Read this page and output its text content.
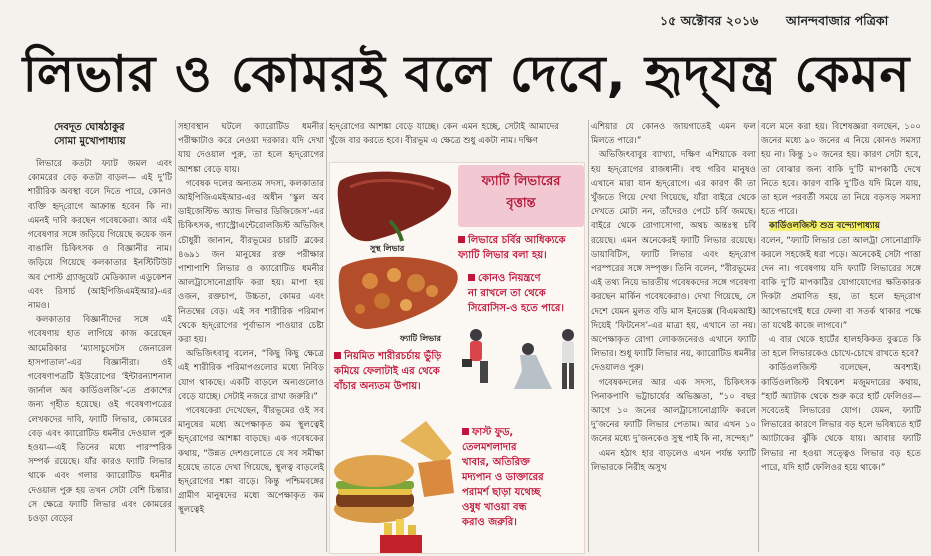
১৫ অক্টোবর ২০১৬ আনন্দবাজার পত্রিকা
লিভার ও কোমরই বলে দেবে, হৃদ্‌যন্ত্র কেমন
দেবদূত ঘোষঠাকুর
সোমা মুখোপাধ্যায়

লিভারে কতটা ফ্যাট জমল এবং কোমরের বেড় কতটা বাড়ল— এই দু’টি শারীরিক অবস্থা বলে দিতে পারে, কোনও ব্যক্তি হৃদ্‌রোগে আক্রান্ত হবেন কি না। এমনই দাবি করছেন গবেষকেরা। আর এই গবেষণার সঙ্গে জড়িয়ে গিয়েছে কয়েক জন বাঙালি চিকিৎসক ও বিজ্ঞানীর নাম। জড়িয়ে গিয়েছে কলকাতার ইনস্টিটিউট অব পোস্ট গ্র্যাজুয়েট মেডিক্যাল এডুকেশন এবং রিসার্চ (আইপিজিএমইআর)-এর নামও।

কলকাতার বিজ্ঞানীদের সঙ্গে এই গবেষণায় হাত লাগিয়ে কাজ করেছেন আমেরিকার ‘ম্যাসাচুসেটস জেনারেল হাসপাতাল’-এর বিজ্ঞানীরা। ওই গবেষণাপত্রটি ইউরোপের ‘ইন্টারন্যাশনাল জার্নাল অব কার্ডিওলজি’-তে প্রকাশের জন্য গৃহীত হয়েছে। ওই গবেষণাপত্রের লেখকদের দাবি, ফ্যাটি লিভার, কোমরের বেড় এবং ক্যারোটিড ধমনীর দেওয়াল পুরু হওয়া—এই তিনের মধ্যে পারস্পরিক সম্পর্ক রয়েছে। যাঁর কারও ফ্যাটি লিভার থাকে এবং গলার ক্যারোটিড ধমনীর দেওয়াল পুরু হয় তখন সেটা বেশি চিন্তার। সে ক্ষেত্রে ফ্যাটি লিভার এবং কোমরের চওড়া বেড়ের

সহাবস্থান ঘটলে ক্যারোটিড ধমনীর পরীক্ষাটাও করে নেওয়া দরকার। যদি দেখা যায় দেওয়াল পুরু, তা হলে হৃদ্‌রোগের আশঙ্কা বেড়ে যায়।

গবেষক দলের অন্যতম সদস্য, কলকাতার আইপিজিএমইআর-এর অধীন ‘স্কুল অব ডাইজেস্টিভ অ্যান্ড লিভার ডিজিজেস’-এর চিকিৎসক, গ্যাস্ট্রোএন্টেরোলজিস্ট অভিজিৎ চৌধুরী জানান, বীরভূমের চারটি ব্লকের ৪৬৯১ জন মানুষের রক্ত পরীক্ষার পাশাপাশি লিভার ও ক্যারোটিড ধমনীর আলট্রাসোনোগ্রাফি করা হয়। মাপা হয় ওজন, রক্তচাপ, উচ্চতা, কোমর এবং নিতম্বের বেড়। এই সব শারীরিক পরিমাপ থেকে হৃদ্‌রোগের পূর্বাভাস পাওয়ার চেষ্টা করা হয়।

অভিজিৎবাবু বলেন, “কিছু কিছু ক্ষেত্রে এই শারীরিক পরিমাপগুলোর মধ্যে নিবিড় যোগ থাকছে। একটি বাড়লে অন্যগুলোও বেড়ে যাচ্ছে। সেটাই নজরে রাখা জরুরি।”

গবেষকেরা দেখেছেন, বীরভূমের ওই সব মানুষের মধ্যে অপেক্ষাকৃত কম স্থূলত্বেই হৃদ্‌রোগের আশঙ্কা বাড়ছে। এক গবেষকের কথায়, “উন্নত দেশগুলোতে যে সব সমীক্ষা হয়েছে তাতে দেখা গিয়েছে, স্থূলত্ব বাড়লেই হৃদ্‌রোগের শঙ্কা বাড়ে। কিন্তু পশ্চিমবঙ্গের গ্রামীণ মানুষদের মধ্যে অপেক্ষাকৃত কম স্থূলত্বেই

হৃদ্‌রোগের আশঙ্কা বেড়ে যাচ্ছে। কেন এমন হচ্ছে, সেটাই আমাদের খুঁজে বার করতে হবে। বীরভূম এ ক্ষেত্রে শুধু একটা নাম। দক্ষিণ

এশিয়ার যে কোনও জায়গাতেই এমন ফল মিলতে পারে।”

অভিজিৎবাবুর ব্যাখ্যা, দক্ষিণ এশিয়াকে বলা হয় হৃদ্‌রোগের রাজধানী। বহু গরিব মানুষও এখানে মারা যান হৃদ্‌রোগে। এর কারণ কী তা খুঁজতে গিয়ে দেখা গিয়েছে, যাঁরা বাইরে থেকে দেখতে মোটা নন, তাঁদেরও পেটে চর্বি জমছে। বাইরে থেকে রোগাসোগা, অথচ অন্তঃস্থ চর্বি রয়েছে। এমন অনেকেরই ফ্যাটি লিভার রয়েছে। ডায়াবিটিস, ফ্যাটি লিভার এবং হৃদ্‌রোগ পরস্পরের সঙ্গে সম্পৃক্ত। তিনি বলেন, “বীরভূমের এই তথ্য নিয়ে ভারতীয় গবেষকদের সঙ্গে গবেষণা করছেন মার্কিন গবেষকেরাও। দেখা গিয়েছে, সে দেশে যেমন মুলত বডি মাস ইনডেক্স (বিএমআই) দিয়েই ‘ফিটনেস’-এর মাত্রা হয়, এখানে তা নয়। অপেক্ষাকৃত রোগা লোকজনেরও এখানে ফ্যাটি লিভার। শুধু ফ্যাটি লিভার নয়, ক্যারোটিড ধমনীর দেওয়ালও পুরু।

গবেষকদলের আর এক সদস্য, চিকিৎসক পিনাকপাণি ভট্টাচার্যের অভিজ্ঞতা, “১০ বছর আগে ১০ জনের আলট্রাসোনোগ্রাফি করলে দু’জনের ফ্যাটি লিভার পেতাম। আর এখন ১০ জনের মধ্যে দু’জনকেও সুস্থ পাই কি না, সন্দেহ।”

এমন হঠাৎ হার বাড়লেও এখন পর্যন্ত ফ্যাটি লিভারকে নিরীহ অসুখ

বলে মনে করা হয়। বিশেষজ্ঞরা বলছেন, ১০০ জনের মধ্যে ৯০ জনের এ নিয়ে কোনও সমস্যা হয় না। কিন্তু ১০ জনের হয়। কারণ সেটা হবে, তা বোঝার জন্য বাকি দু’টি মাপকাঠি দেখে নিতে হবে। কারণ বাকি দু’টিও যদি মিলে যায়, তা হলে পরবর্তী সময়ে তা নিয়ে বড়সড় সমস্যা হতে পারে।

কার্ডিওলজিস্ট শুভ্র বন্দ্যোপাধ্যায়

বলেন, “ফ্যাটি লিভার তো আলট্রা সোনোগ্রাফি করলে সহজেই ধরা পড়ে। অনেকেই সেটা পাত্তা দেন না। গবেষণায় যদি ফ্যাটি লিভারের সঙ্গে বাকি দু’টি মাপকাঠির যোগাযোগের ক্ষতিকারক দিকটা প্রমাণিত হয়, তা হলে হৃদ্‌রোগ আগেভাগেই ধরে ফেলা বা সতর্ক থাকার পক্ষে তা যথেষ্ট কাজে লাগবে।”

এ বার থেকে হার্টের হালহকিকত বুঝতে কি তা হলে লিভারকেও চোখে-চোখে রাখতে হবে?

কার্ডিওলজিস্ট বলেছেন, অবশ্যই। কার্ডিওলজিস্ট বিশ্বকেশ মজুমদারের কথায়, “হার্ট অ্যাটাক থেকে শুরু করে হার্ট ফেলিওর—সবেতেই লিভারের যোগ। যেমন, ফ্যাটি লিভারের কারণে লিভার বড় হলে ভবিষ্যতে হার্ট অ্যাটাকের ঝুঁকি থেকে যায়। আবার ফ্যাটি লিভার না হওয়া সত্ত্বেও লিভার বড় হতে পারে, যদি হার্ট ফেলিওর হয়ে থাকে।”

ফ্যাটি লিভারের
বৃত্তান্ত
সুস্থ লিভার
ফ্যাটি লিভার
লিভারে চর্বির আধিক্যকে
ফ্যাটি লিভার বলা হয়।
কোনও নিয়ন্ত্রণে
না রাখলে তা থেকে
সিরোসিস-ও হতে পারে।
নিয়মিত শারীরচর্চায় ভুঁড়ি
কমিয়ে ফেলাটাই এর থেকে
বাঁচার অন্যতম উপায়।
ফাস্ট ফুড,
তেলমশলাদার
খাবার, অতিরিক্ত
মদ্যপান ও ডাক্তারের
পরামর্শ ছাড়া যথেচ্ছ
ওষুধ খাওয়া বন্ধ
করাও জরুরি।
